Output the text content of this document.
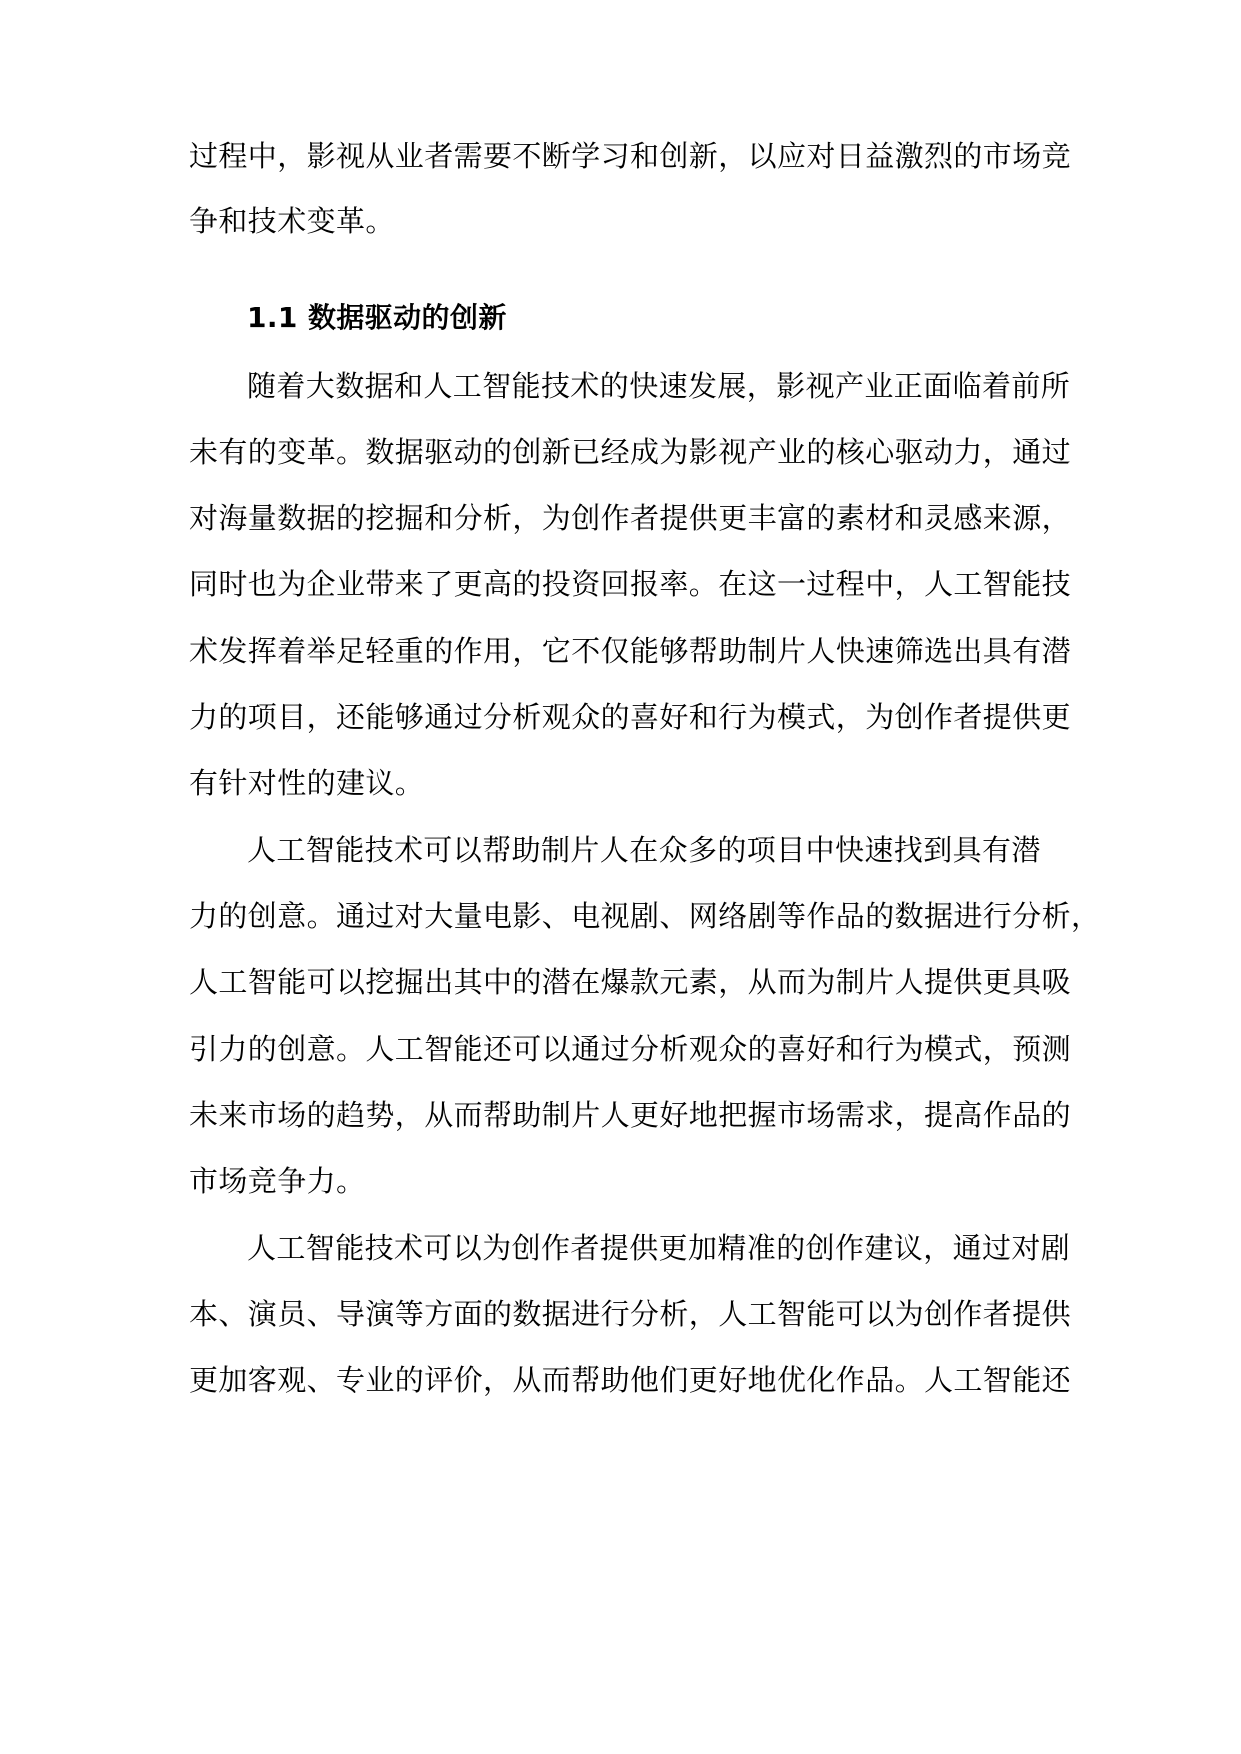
过程中，影视从业者需要不断学习和创新，以应对日益激烈的市场竞

争和技术变革。

1.1 数据驱动的创新

随着大数据和人工智能技术的快速发展，影视产业正面临着前所

未有的变革。数据驱动的创新已经成为影视产业的核心驱动力，通过

对海量数据的挖掘和分析，为创作者提供更丰富的素材和灵感来源，

同时也为企业带来了更高的投资回报率。在这一过程中，人工智能技

术发挥着举足轻重的作用，它不仅能够帮助制片人快速筛选出具有潜

力的项目，还能够通过分析观众的喜好和行为模式，为创作者提供更

有针对性的建议。

人工智能技术可以帮助制片人在众多的项目中快速找到具有潜

力的创意。通过对大量电影、电视剧、网络剧等作品的数据进行分析，

人工智能可以挖掘出其中的潜在爆款元素，从而为制片人提供更具吸

引力的创意。人工智能还可以通过分析观众的喜好和行为模式，预测

未来市场的趋势，从而帮助制片人更好地把握市场需求，提高作品的

市场竞争力。

人工智能技术可以为创作者提供更加精准的创作建议，通过对剧

本、演员、导演等方面的数据进行分析，人工智能可以为创作者提供

更加客观、专业的评价，从而帮助他们更好地优化作品。人工智能还
